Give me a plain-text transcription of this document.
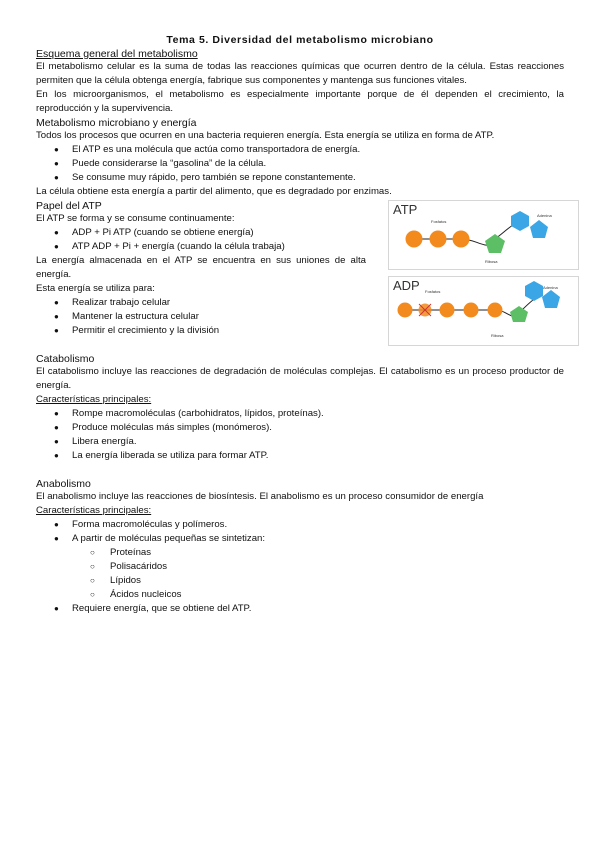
Tema 5. Diversidad del metabolismo microbiano
Esquema general del metabolismo

El metabolismo celular es la suma de todas las reacciones químicas que ocurren dentro de la célula. Estas reacciones permiten que la célula obtenga energía, fabrique sus componentes y mantenga sus funciones vitales.

En los microorganismos, el metabolismo es especialmente importante porque de él dependen el crecimiento, la reproducción y la supervivencia.

Metabolismo microbiano y energía

Todos los procesos que ocurren en una bacteria requieren energía. Esta energía se utiliza en forma de ATP.

● El ATP es una molécula que actúa como transportadora de energía.
● Puede considerarse la “gasolina” de la célula.
● Se consume muy rápido, pero también se repone constantemente.

La célula obtiene esta energía a partir del alimento, que es degradado por enzimas.

Papel del ATP

El ATP se forma y se consume continuamente:

● ADP + Pi ATP (cuando se obtiene energía)
● ATP ADP + Pi + energía (cuando la célula trabaja)

La energía almacenada en el ATP se encuentra en sus uniones de alta energía.

Esta energía se utiliza para:

● Realizar trabajo celular
● Mantener la estructura celular
● Permitir el crecimiento y la división
ATP
Fosfatos
Ribosa
Adenina
ADP Fosfatos
Ribosa
Adenina
Catabolismo

El catabolismo incluye las reacciones de degradación de moléculas complejas. El catabolismo es un proceso productor de energía.

Características principales:
● Rompe macromoléculas (carbohidratos, lípidos, proteínas).
● Produce moléculas más simples (monómeros).
● Libera energía.
● La energía liberada se utiliza para formar ATP.
Anabolismo

El anabolismo incluye las reacciones de biosíntesis. El anabolismo es un proceso consumidor de energía

Características principales:
● Forma macromoléculas y polímeros.
● A partir de moléculas pequeñas se sintetizan:
○ Proteínas
○ Polisacáridos
○ Lípidos
○ Ácidos nucleicos
● Requiere energía, que se obtiene del ATP.
